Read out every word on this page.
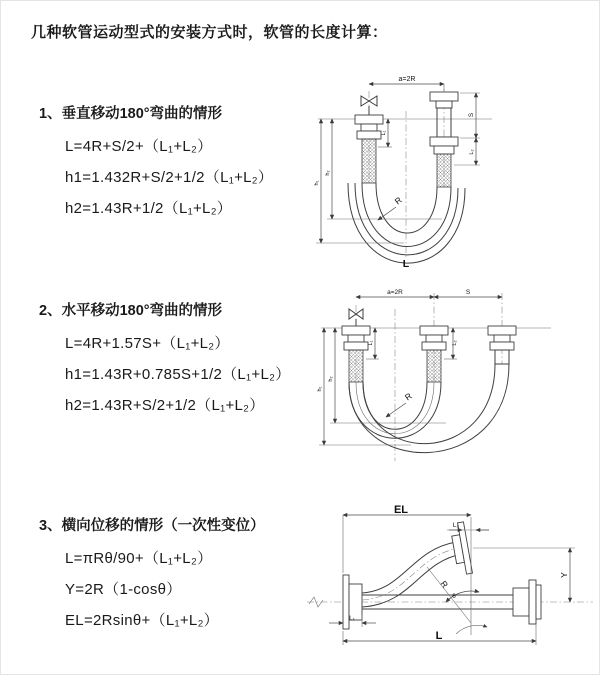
几种软管运动型式的安装方式时，软管的长度计算：

1、垂直移动180°弯曲的情形

L=4R+S/2+（L₁+L₂）

h1=1.432R+S/2+1/2（L₁+L₂）

h2=1.43R+1/2（L₁+L₂）

2、水平移动180°弯曲的情形

L=4R+1.57S+（L₁+L₂）

h1=1.43R+0.785S+1/2（L₁+L₂）

h2=1.43R+S/2+1/2（L₁+L₂）

3、横向位移的情形（一次性变位）

L=πRθ/90+（L₁+L₂）

Y=2R（1-cosθ）

EL=2Rsinθ+（L₁+L₂）

a=2R
S
L₂
L₁
h₁
h₂
R
L
a=2R	S
L₁	L₂
h₁
h₂
R
EL
L₂
Y
R
θ
L₁
L
